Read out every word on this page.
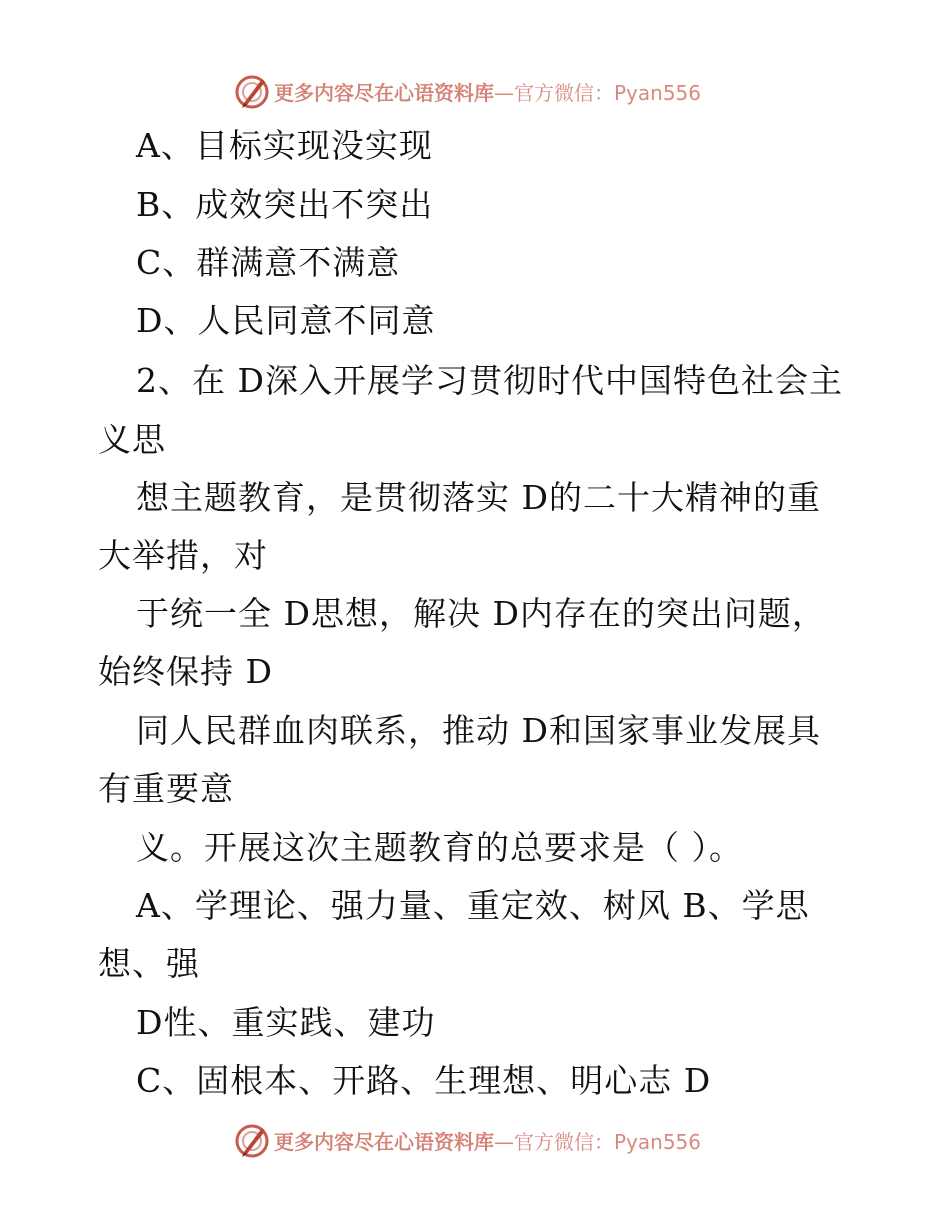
更多内容尽在心语资料库—官方微信：Pyan556
A、目标实现没实现
B、成效突出不突出
C、群满意不满意
D、人民同意不同意
2、在 D深入开展学习贯彻时代中国特色社会主
义思
想主题教育，是贯彻落实 D的二十大精神的重
大举措，对
于统一全 D思想，解决 D内存在的突出问题，
始终保持 D
同人民群血肉联系，推动 D和国家事业发展具
有重要意
义。开展这次主题教育的总要求是（ ）。
A、学理论、强力量、重定效、树风 B、学思
想、强
D性、重实践、建功
C、固根本、开路、生理想、明心志 D
更多内容尽在心语资料库—官方微信：Pyan556
